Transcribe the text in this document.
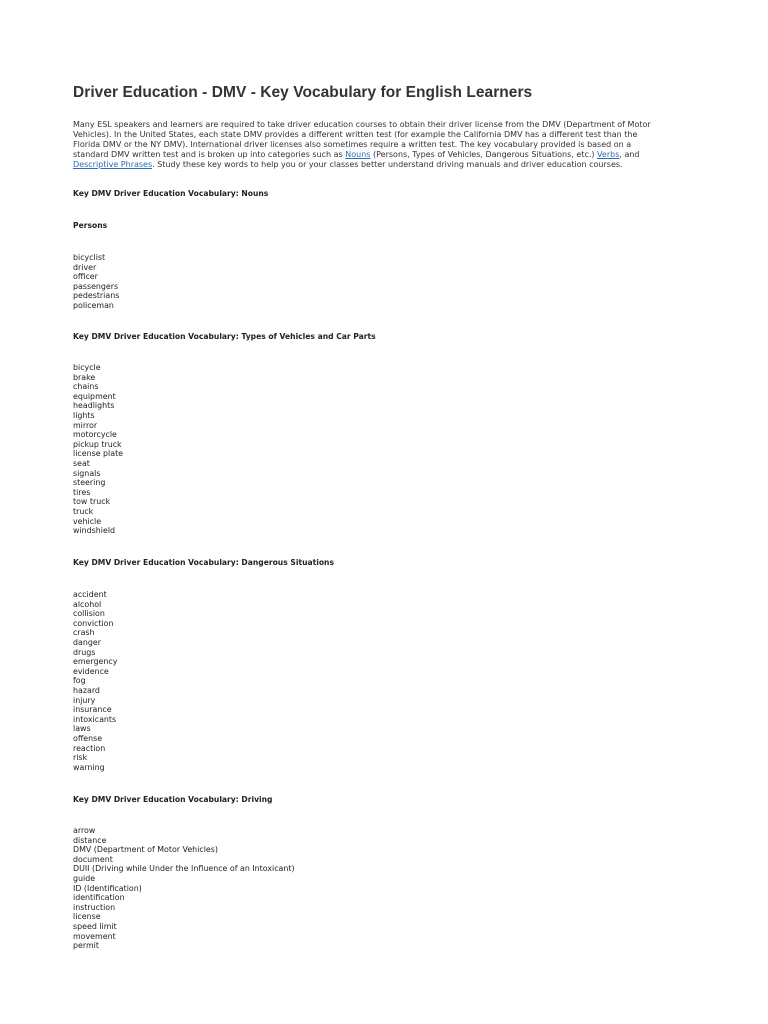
Driver Education - DMV - Key Vocabulary for English Learners

Many ESL speakers and learners are required to take driver education courses to obtain their driver license from the DMV (Department of Motor
Vehicles). In the United States, each state DMV provides a different written test (for example the California DMV has a different test than the
Florida DMV or the NY DMV). International driver licenses also sometimes require a written test. The key vocabulary provided is based on a
standard DMV written test and is broken up into categories such as Nouns (Persons, Types of Vehicles, Dangerous Situations, etc.) Verbs, and
Descriptive Phrases. Study these key words to help you or your classes better understand driving manuals and driver education courses.

Key DMV Driver Education Vocabulary: Nouns
Persons
bicyclist
driver
officer
passengers
pedestrians
policeman
Key DMV Driver Education Vocabulary: Types of Vehicles and Car Parts
bicycle
brake
chains
equipment
headlights
lights
mirror
motorcycle
pickup truck
license plate
seat
signals
steering
tires
tow truck
truck
vehicle
windshield
Key DMV Driver Education Vocabulary: Dangerous Situations
accident
alcohol
collision
conviction
crash
danger
drugs
emergency
evidence
fog
hazard
injury
insurance
intoxicants
laws
offense
reaction
risk
warning
Key DMV Driver Education Vocabulary: Driving
arrow
distance
DMV (Department of Motor Vehicles)
document
DUII (Driving while Under the Influence of an Intoxicant)
guide
ID (Identification)
identification
instruction
license
speed limit
movement
permit
